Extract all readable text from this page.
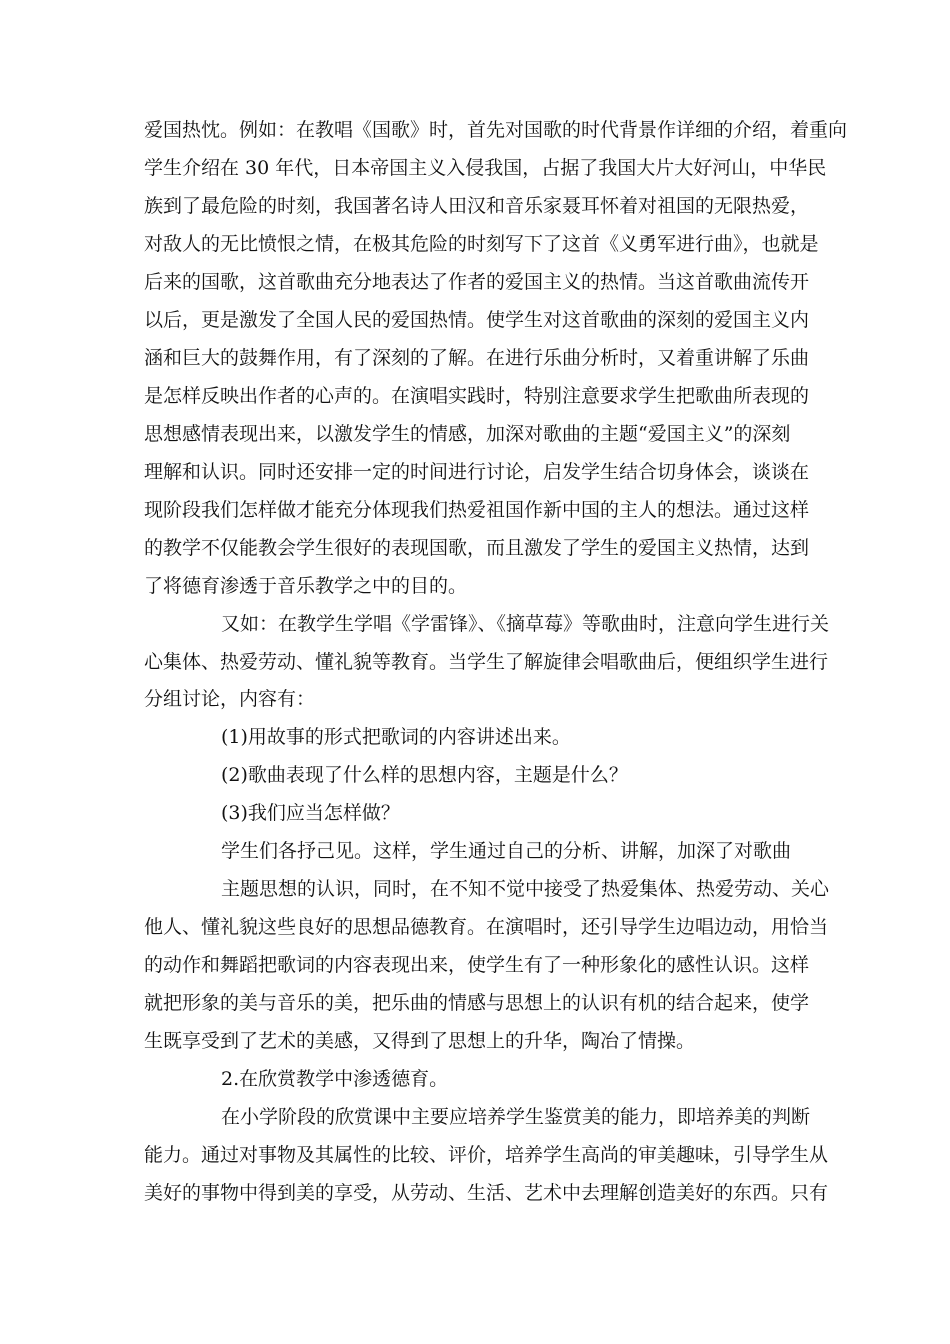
爱国热忱。例如：在教唱《国歌》时，首先对国歌的时代背景作详细的介绍，着重向
学生介绍在 30 年代，日本帝国主义入侵我国，占据了我国大片大好河山，中华民
族到了最危险的时刻，我国著名诗人田汉和音乐家聂耳怀着对祖国的无限热爱，
对敌人的无比愤恨之情，在极其危险的时刻写下了这首《义勇军进行曲》，也就是
后来的国歌，这首歌曲充分地表达了作者的爱国主义的热情。当这首歌曲流传开
以后，更是激发了全国人民的爱国热情。使学生对这首歌曲的深刻的爱国主义内
涵和巨大的鼓舞作用，有了深刻的了解。在进行乐曲分析时，又着重讲解了乐曲
是怎样反映出作者的心声的。在演唱实践时，特别注意要求学生把歌曲所表现的
思想感情表现出来，以激发学生的情感，加深对歌曲的主题“爱国主义”的深刻
理解和认识。同时还安排一定的时间进行讨论，启发学生结合切身体会，谈谈在
现阶段我们怎样做才能充分体现我们热爱祖国作新中国的主人的想法。通过这样
的教学不仅能教会学生很好的表现国歌，而且激发了学生的爱国主义热情，达到
了将德育渗透于音乐教学之中的目的。
又如：在教学生学唱《学雷锋》、《摘草莓》等歌曲时，注意向学生进行关
心集体、热爱劳动、懂礼貌等教育。当学生了解旋律会唱歌曲后，便组织学生进行
分组讨论，内容有：
(1)用故事的形式把歌词的内容讲述出来。
(2)歌曲表现了什么样的思想内容，主题是什么？
(3)我们应当怎样做？
学生们各抒己见。这样，学生通过自己的分析、讲解，加深了对歌曲
主题思想的认识，同时，在不知不觉中接受了热爱集体、热爱劳动、关心
他人、懂礼貌这些良好的思想品德教育。在演唱时，还引导学生边唱边动，用恰当
的动作和舞蹈把歌词的内容表现出来，使学生有了一种形象化的感性认识。这样
就把形象的美与音乐的美，把乐曲的情感与思想上的认识有机的结合起来，使学
生既享受到了艺术的美感，又得到了思想上的升华，陶冶了情操。
2.在欣赏教学中渗透德育。
在小学阶段的欣赏课中主要应培养学生鉴赏美的能力，即培养美的判断
能力。通过对事物及其属性的比较、评价，培养学生高尚的审美趣味，引导学生从
美好的事物中得到美的享受，从劳动、生活、艺术中去理解创造美好的东西。只有
